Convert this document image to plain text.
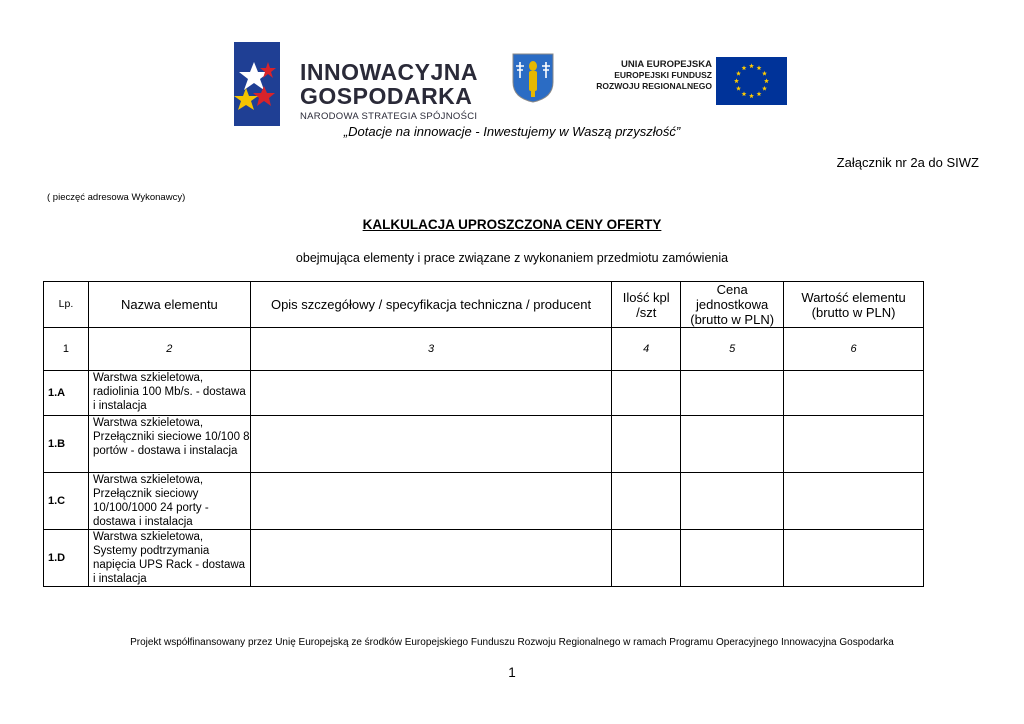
INNOWACYJNA
GOSPODARKA
NARODOWA STRATEGIA SPÓJNOŚCI
UNIA EUROPEJSKA
EUROPEJSKI FUNDUSZ
ROZWOJU REGIONALNEGO
„Dotacje na innowacje - Inwestujemy w Waszą przyszłość”
Załącznik nr 2a do SIWZ
( pieczęć adresowa Wykonawcy)
KALKULACJA UPROSZCZONA CENY OFERTY
obejmująca elementy i prace związane z wykonaniem przedmiotu zamówienia
Lp.	Nazwa elementu	Opis szczegółowy / specyfikacja techniczna / producent	Ilość kpl /szt	Cena jednostkowa (brutto w PLN)	Wartość elementu (brutto w PLN)
1	2	3	4	5	6
1.A	Warstwa szkieletowa, radiolinia 100 Mb/s. - dostawa i instalacja				
1.B	Warstwa szkieletowa, Przełączniki sieciowe 10/100 8 portów - dostawa i instalacja				
1.C	Warstwa szkieletowa, Przełącznik sieciowy 10/100/1000 24 porty - dostawa i instalacja				
1.D	Warstwa szkieletowa, Systemy podtrzymania napięcia UPS Rack - dostawa i instalacja				
Projekt współfinansowany przez Unię Europejską ze środków Europejskiego Funduszu Rozwoju Regionalnego w ramach Programu Operacyjnego Innowacyjna Gospodarka
1
